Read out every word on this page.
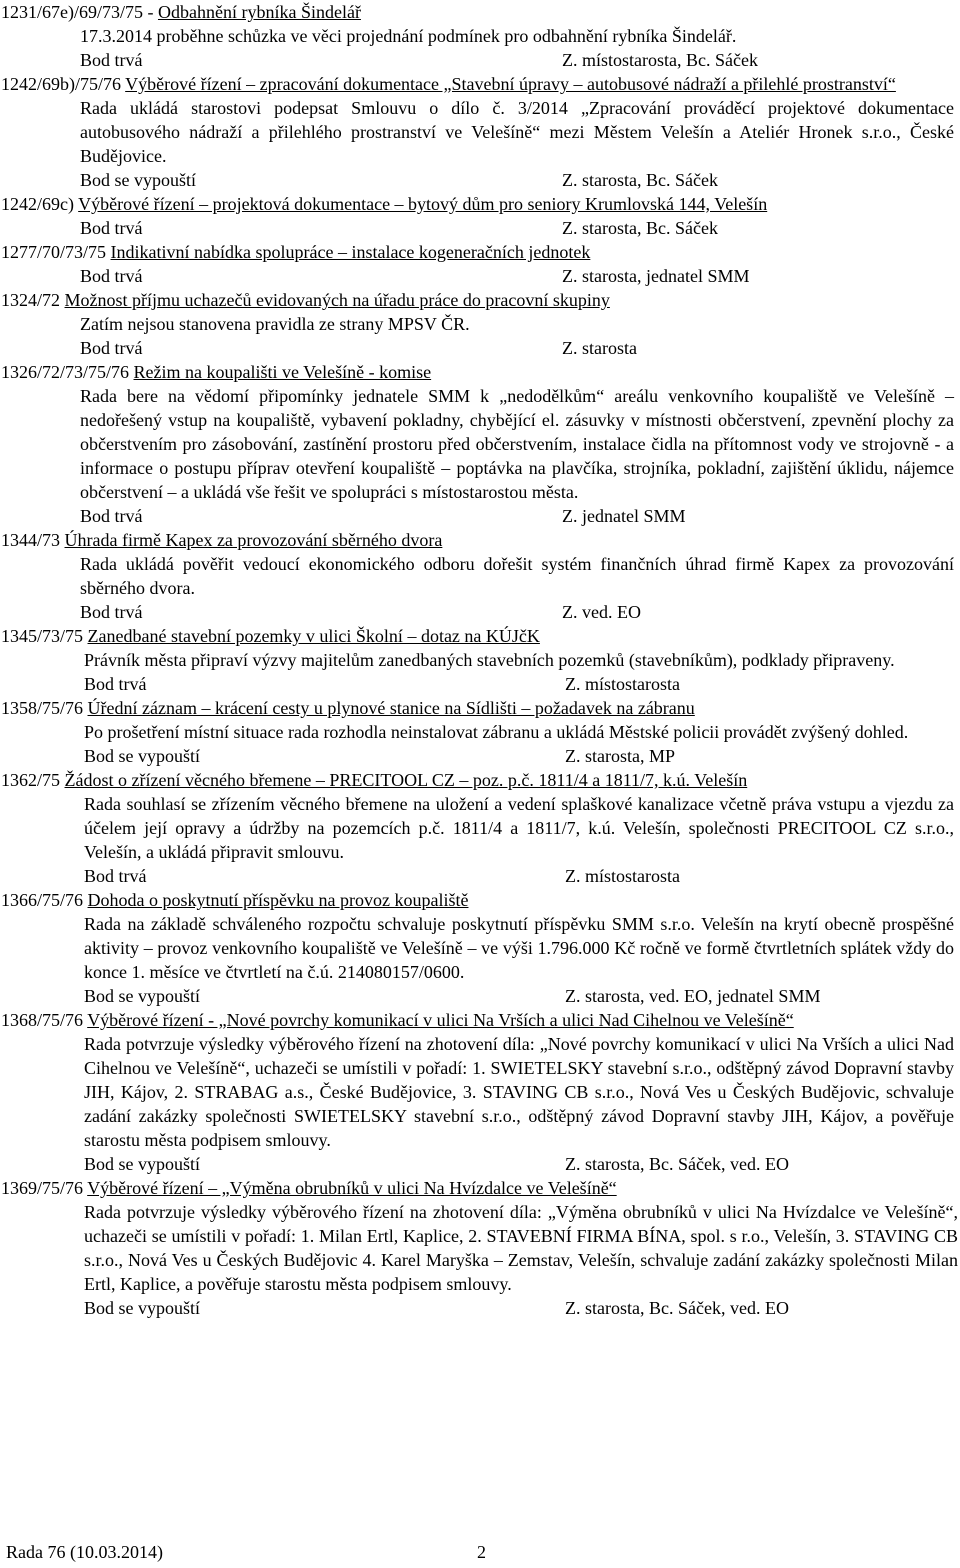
1231/67e)/69/73/75 - Odbahnění rybníka Šindelář
17.3.2014 proběhne schůzka ve věci projednání podmínek pro odbahnění rybníka Šindelář.
Bod trvá	Z. místostarosta, Bc. Sáček
1242/69b)/75/76 Výběrové řízení – zpracování dokumentace „Stavební úpravy – autobusové nádraží a přilehlé prostranství“
Rada ukládá starostovi podepsat Smlouvu o dílo č. 3/2014 „Zpracování prováděcí projektové dokumentace autobusového nádraží a přilehlého prostranství ve Velešíně“ mezi Městem Velešín a Ateliér Hronek s.r.o., České Budějovice.
Bod se vypouští	Z. starosta, Bc. Sáček
1242/69c) Výběrové řízení – projektová dokumentace – bytový dům pro seniory Krumlovská 144, Velešín
Bod trvá	Z. starosta, Bc. Sáček
1277/70/73/75 Indikativní nabídka spolupráce – instalace kogeneračních jednotek
Bod trvá	Z. starosta, jednatel SMM
1324/72 Možnost příjmu uchazečů evidovaných na úřadu práce do pracovní skupiny
Zatím nejsou stanovena pravidla ze strany MPSV ČR.
Bod trvá	Z. starosta
1326/72/73/75/76 Režim na koupališti ve Velešíně - komise
Rada bere na vědomí připomínky jednatele SMM k „nedodělkům“ areálu venkovního koupaliště ve Velešíně – nedořešený vstup na koupaliště, vybavení pokladny, chybějící el. zásuvky v místnosti občerstvení, zpevnění plochy za občerstvením pro zásobování, zastínění prostoru před občerstvením, instalace čidla na přítomnost vody ve strojovně - a informace o postupu příprav otevření koupaliště – poptávka na plavčíka, strojníka, pokladní, zajištění úklidu, nájemce občerstvení – a ukládá vše řešit ve spolupráci s místostarostou města.
Bod trvá	Z. jednatel SMM
1344/73 Úhrada firmě Kapex za provozování sběrného dvora
Rada ukládá pověřit vedoucí ekonomického odboru dořešit systém finančních úhrad firmě Kapex za provozování sběrného dvora.
Bod trvá	Z. ved. EO
1345/73/75 Zanedbané stavební pozemky v ulici Školní – dotaz na KÚJčK
Právník města připraví výzvy majitelům zanedbaných stavebních pozemků (stavebníkům), podklady připraveny.
Bod trvá	Z. místostarosta
1358/75/76 Úřední záznam – krácení cesty u plynové stanice na Sídlišti – požadavek na zábranu
Po prošetření místní situace rada rozhodla neinstalovat zábranu a ukládá Městské policii provádět zvýšený dohled.
Bod se vypouští	Z. starosta, MP
1362/75 Žádost o zřízení věcného břemene – PRECITOOL CZ – poz. p.č. 1811/4 a 1811/7, k.ú. Velešín
Rada souhlasí se zřízením věcného břemene na uložení a vedení splaškové kanalizace včetně práva vstupu a vjezdu za účelem její opravy a údržby na pozemcích p.č. 1811/4 a 1811/7, k.ú. Velešín, společnosti PRECITOOL CZ s.r.o., Velešín, a ukládá připravit smlouvu.
Bod trvá	Z. místostarosta
1366/75/76 Dohoda o poskytnutí příspěvku na provoz koupaliště
Rada na základě schváleného rozpočtu schvaluje poskytnutí příspěvku SMM s.r.o. Velešín na krytí obecně prospěšné aktivity – provoz venkovního koupaliště ve Velešíně – ve výši 1.796.000 Kč ročně ve formě čtvrtletních splátek vždy do konce 1. měsíce ve čtvrtletí na č.ú. 214080157/0600.
Bod se vypouští	Z. starosta, ved. EO, jednatel SMM
1368/75/76 Výběrové řízení - „Nové povrchy komunikací v ulici Na Vrších a ulici Nad Cihelnou ve Velešíně“
Rada potvrzuje výsledky výběrového řízení na zhotovení díla: „Nové povrchy komunikací v ulici Na Vrších a ulici Nad Cihelnou ve Velešíně“, uchazeči se umístili v pořadí: 1. SWIETELSKY stavební s.r.o., odštěpný závod Dopravní stavby JIH, Kájov, 2. STRABAG a.s., České Budějovice, 3. STAVING CB s.r.o., Nová Ves u Českých Budějovic, schvaluje zadání zakázky společnosti SWIETELSKY stavební s.r.o., odštěpný závod Dopravní stavby JIH, Kájov, a pověřuje starostu města podpisem smlouvy.
Bod se vypouští	Z. starosta, Bc. Sáček, ved. EO
1369/75/76 Výběrové řízení – „Výměna obrubníků v ulici Na Hvízdalce ve Velešíně“
Rada potvrzuje výsledky výběrového řízení na zhotovení díla: „Výměna obrubníků v ulici Na Hvízdalce ve Velešíně“, uchazeči se umístili v pořadí: 1. Milan Ertl, Kaplice, 2. STAVEBNÍ FIRMA BÍNA, spol. s r.o., Velešín, 3. STAVING CB s.r.o., Nová Ves u Českých Budějovic 4. Karel Maryška – Zemstav, Velešín, schvaluje zadání zakázky společnosti Milan Ertl, Kaplice, a pověřuje starostu města podpisem smlouvy.
Bod se vypouští	Z. starosta, Bc. Sáček, ved. EO
Rada 76 (10.03.2014)	2
